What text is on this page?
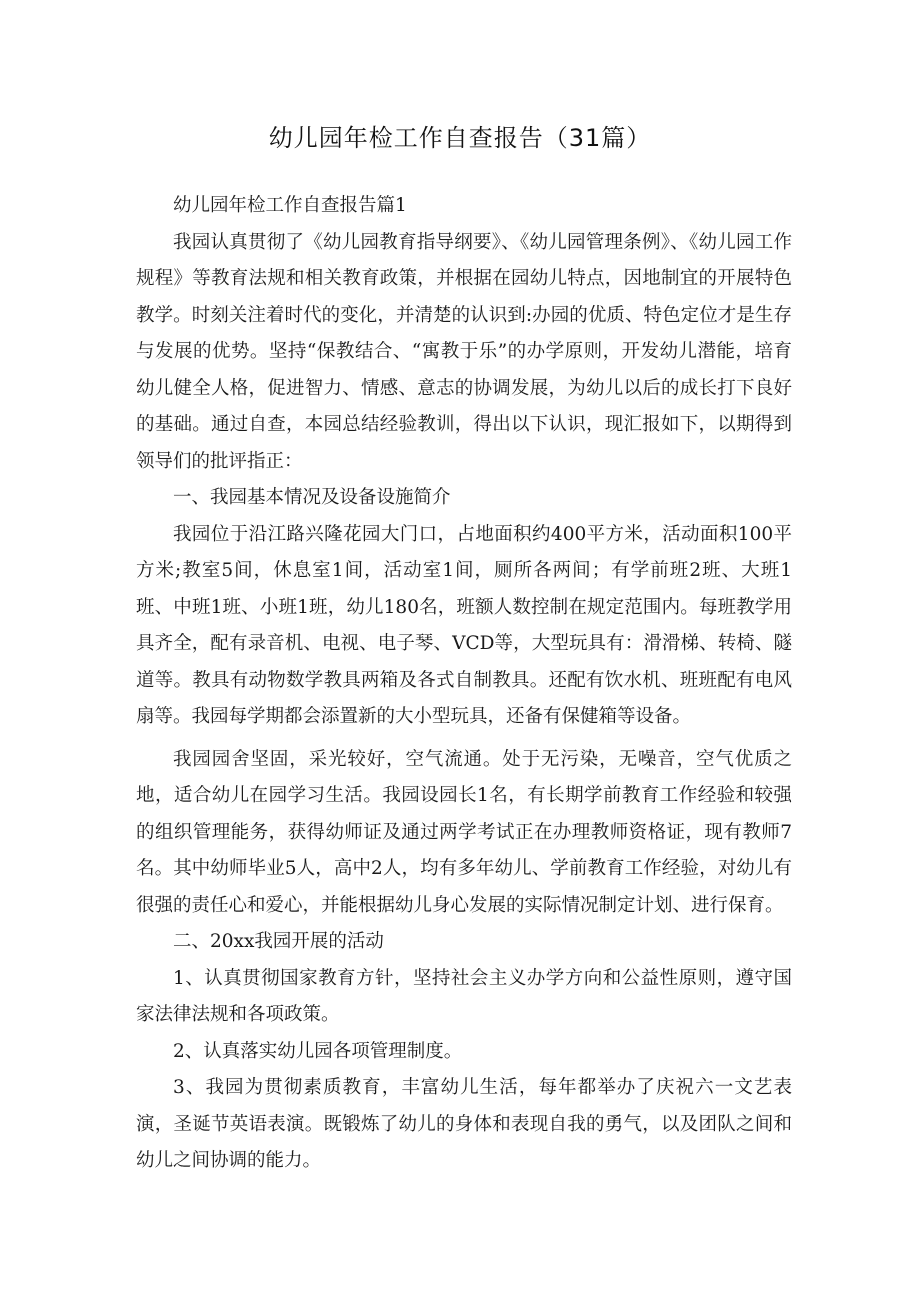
幼儿园年检工作自查报告（31篇）

幼儿园年检工作自查报告篇1

我园认真贯彻了《幼儿园教育指导纲要》、《幼儿园管理条例》、《幼儿园工作规程》等教育法规和相关教育政策，并根据在园幼儿特点，因地制宜的开展特色教学。时刻关注着时代的变化，并清楚的认识到:办园的优质、特色定位才是生存与发展的优势。坚持“保教结合、“寓教于乐”的办学原则，开发幼儿潜能，培育幼儿健全人格，促进智力、情感、意志的协调发展，为幼儿以后的成长打下良好的基础。通过自查，本园总结经验教训，得出以下认识，现汇报如下，以期得到领导们的批评指正：

一、我园基本情况及设备设施简介

我园位于沿江路兴隆花园大门口，占地面积约400平方米，活动面积100平方米;教室5间，休息室1间，活动室1间，厕所各两间；有学前班2班、大班1班、中班1班、小班1班，幼儿180名，班额人数控制在规定范围内。每班教学用具齐全，配有录音机、电视、电子琴、VCD等，大型玩具有：滑滑梯、转椅、隧道等。教具有动物数学教具两箱及各式自制教具。还配有饮水机、班班配有电风扇等。我园每学期都会添置新的大小型玩具，还备有保健箱等设备。

我园园舍坚固，采光较好，空气流通。处于无污染，无噪音，空气优质之地，适合幼儿在园学习生活。我园设园长1名，有长期学前教育工作经验和较强的组织管理能务，获得幼师证及通过两学考试正在办理教师资格证，现有教师7名。其中幼师毕业5人，高中2人，均有多年幼儿、学前教育工作经验，对幼儿有很强的责任心和爱心，并能根据幼儿身心发展的实际情况制定计划、进行保育。

二、20xx我园开展的活动

1、认真贯彻国家教育方针，坚持社会主义办学方向和公益性原则，遵守国家法律法规和各项政策。

2、认真落实幼儿园各项管理制度。

3、我园为贯彻素质教育，丰富幼儿生活，每年都举办了庆祝六一文艺表演，圣诞节英语表演。既锻炼了幼儿的身体和表现自我的勇气，以及团队之间和幼儿之间协调的能力。
